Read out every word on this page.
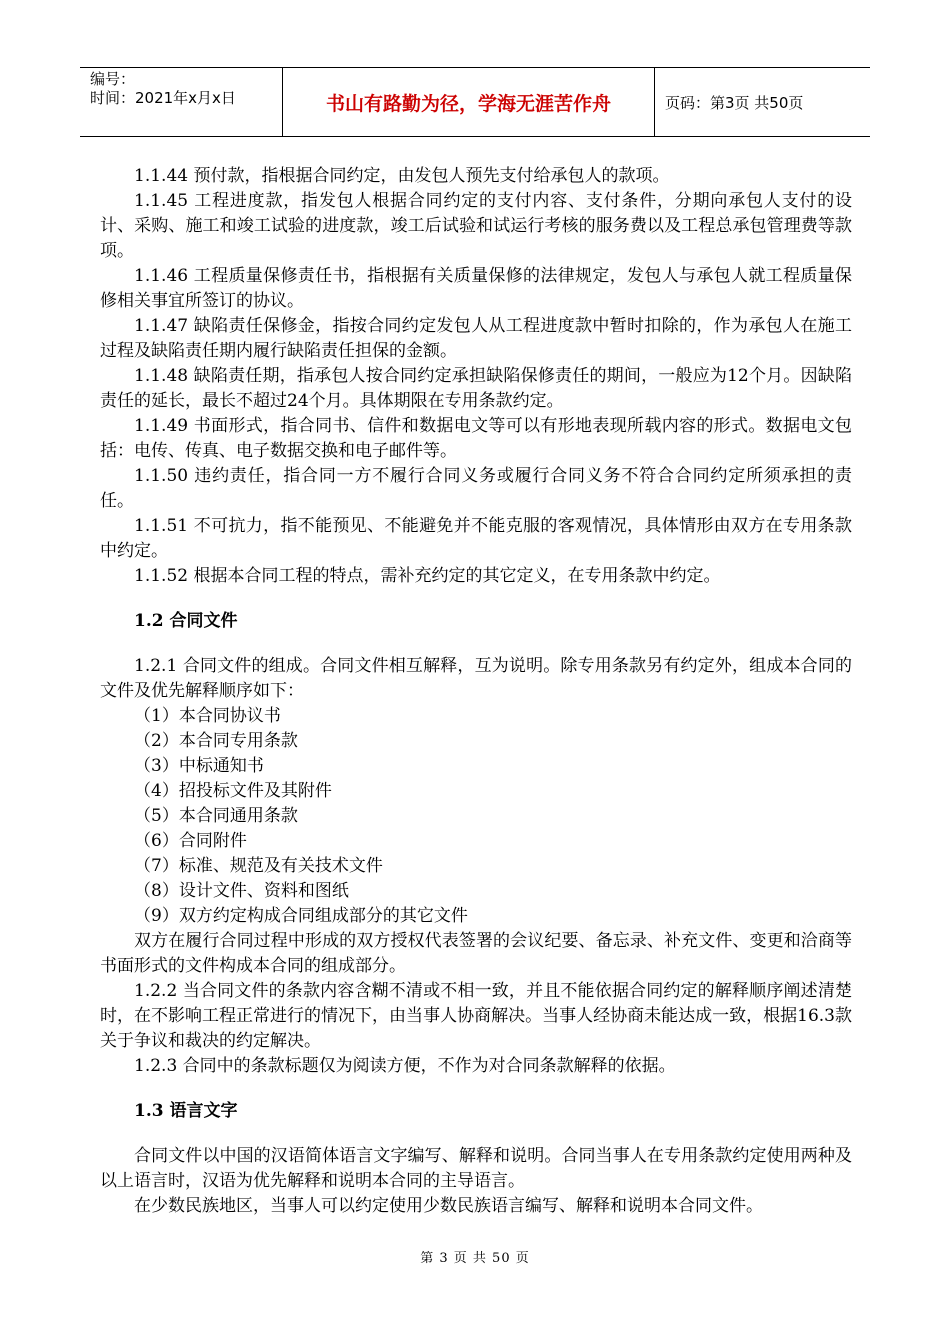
编号：
时间：2021年x月x日	书山有路勤为径，学海无涯苦作舟	页码：第3页 共50页

1.1.44 预付款，指根据合同约定，由发包人预先支付给承包人的款项。

1.1.45 工程进度款，指发包人根据合同约定的支付内容、支付条件，分期向承包人支付的设计、采购、施工和竣工试验的进度款，竣工后试验和试运行考核的服务费以及工程总承包管理费等款项。

1.1.46 工程质量保修责任书，指根据有关质量保修的法律规定，发包人与承包人就工程质量保修相关事宜所签订的协议。

1.1.47 缺陷责任保修金，指按合同约定发包人从工程进度款中暂时扣除的，作为承包人在施工过程及缺陷责任期内履行缺陷责任担保的金额。

1.1.48 缺陷责任期，指承包人按合同约定承担缺陷保修责任的期间，一般应为12个月。因缺陷责任的延长，最长不超过24个月。具体期限在专用条款约定。

1.1.49 书面形式，指合同书、信件和数据电文等可以有形地表现所载内容的形式。数据电文包括：电传、传真、电子数据交换和电子邮件等。

1.1.50 违约责任，指合同一方不履行合同义务或履行合同义务不符合合同约定所须承担的责任。

1.1.51 不可抗力，指不能预见、不能避免并不能克服的客观情况，具体情形由双方在专用条款中约定。

1.1.52 根据本合同工程的特点，需补充约定的其它定义，在专用条款中约定。

1.2 合同文件

1.2.1 合同文件的组成。合同文件相互解释，互为说明。除专用条款另有约定外，组成本合同的文件及优先解释顺序如下：

（1）本合同协议书

（2）本合同专用条款

（3）中标通知书

（4）招投标文件及其附件

（5）本合同通用条款

（6）合同附件

（7）标准、规范及有关技术文件

（8）设计文件、资料和图纸

（9）双方约定构成合同组成部分的其它文件

双方在履行合同过程中形成的双方授权代表签署的会议纪要、备忘录、补充文件、变更和洽商等书面形式的文件构成本合同的组成部分。

1.2.2 当合同文件的条款内容含糊不清或不相一致，并且不能依据合同约定的解释顺序阐述清楚时，在不影响工程正常进行的情况下，由当事人协商解决。当事人经协商未能达成一致，根据16.3款关于争议和裁决的约定解决。

1.2.3 合同中的条款标题仅为阅读方便，不作为对合同条款解释的依据。

1.3 语言文字

合同文件以中国的汉语简体语言文字编写、解释和说明。合同当事人在专用条款约定使用两种及以上语言时，汉语为优先解释和说明本合同的主导语言。

在少数民族地区，当事人可以约定使用少数民族语言编写、解释和说明本合同文件。

第 3 页 共 50 页
